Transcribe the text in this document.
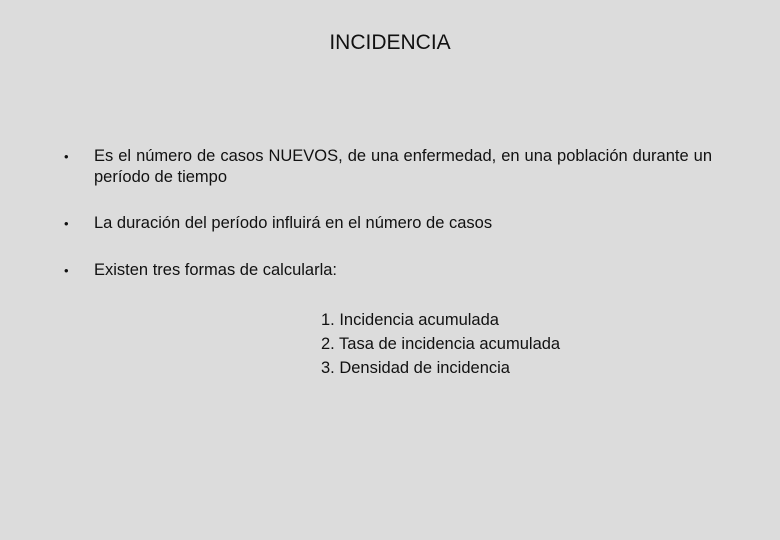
INCIDENCIA
• Es el número de casos NUEVOS, de una enfermedad, en una población durante un período de tiempo
• La duración del período influirá en el número de casos
• Existen tres formas de calcularla:
1. Incidencia acumulada
2. Tasa de incidencia acumulada
3. Densidad de incidencia
